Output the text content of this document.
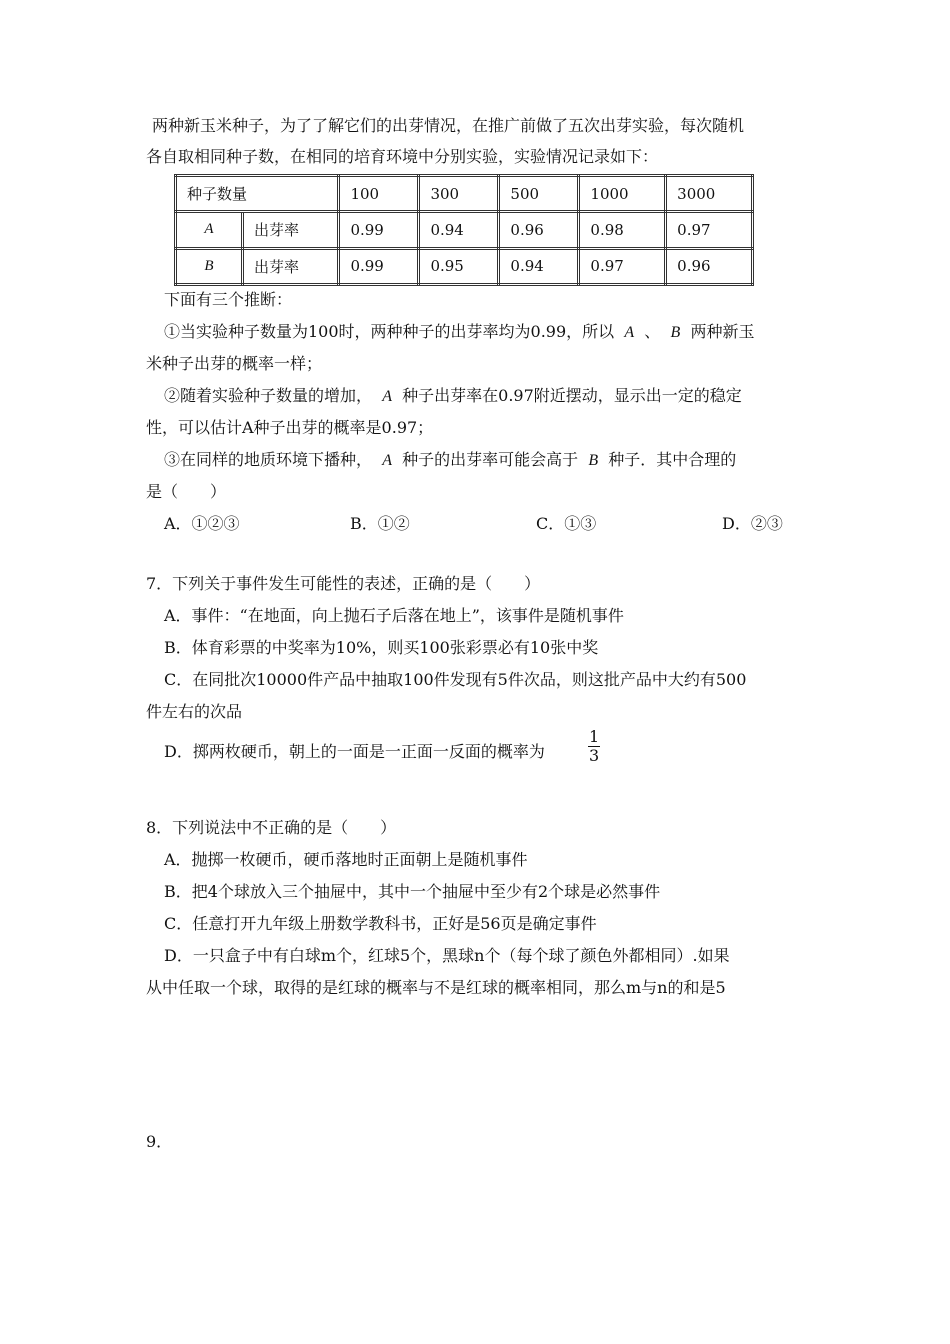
两种新玉米种子，为了了解它们的出芽情况，在推广前做了五次出芽实验，每次随机
各自取相同种子数，在相同的培育环境中分别实验，实验情况记录如下：
种子数量		100	300	500	1000	3000
A	出芽率	0.99	0.94	0.96	0.98	0.97
B	出芽率	0.99	0.95	0.94	0.97	0.96
下面有三个推断：
①当实验种子数量为100时，两种种子的出芽率均为0.99，所以 A 、 B 两种新玉
米种子出芽的概率一样；
②随着实验种子数量的增加， A 种子出芽率在0.97附近摆动，显示出一定的稳定
性，可以估计A种子出芽的概率是0.97；
③在同样的地质环境下播种， A 种子的出芽率可能会高于 B 种子．其中合理的
是（　　）
A．①②③	B．①②	C．①③	D．②③
7．下列关于事件发生可能性的表述，正确的是（　　）
A．事件：“在地面，向上抛石子后落在地上”，该事件是随机事件
B．体育彩票的中奖率为10%，则买100张彩票必有10张中奖
C．在同批次10000件产品中抽取100件发现有5件次品，则这批产品中大约有500
件左右的次品
D．掷两枚硬币，朝上的一面是一正面一反面的概率为
1
3
8．下列说法中不正确的是（　　）
A．抛掷一枚硬币，硬币落地时正面朝上是随机事件
B．把4个球放入三个抽屉中，其中一个抽屉中至少有2个球是必然事件
C．任意打开九年级上册数学教科书，正好是56页是确定事件
D．一只盒子中有白球m个，红球5个，黑球n个（每个球了颜色外都相同）.如果
从中任取一个球，取得的是红球的概率与不是红球的概率相同，那么m与n的和是5
9．
